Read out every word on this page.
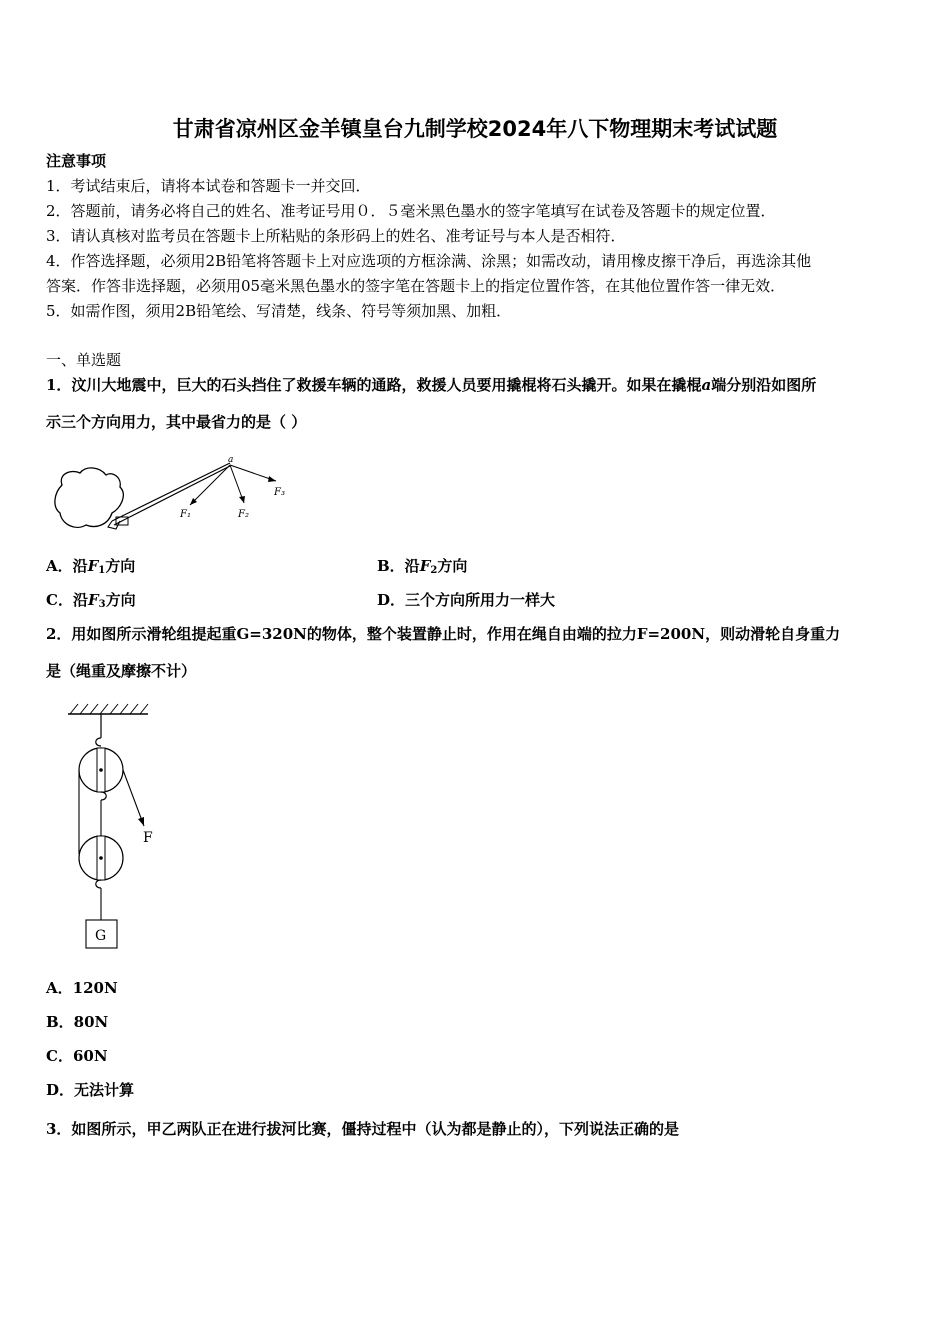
甘肃省凉州区金羊镇皇台九制学校2024年八下物理期末考试试题
注意事项
1．考试结束后，请将本试卷和答题卡一并交回．
2．答题前，请务必将自己的姓名、准考证号用０．５毫米黑色墨水的签字笔填写在试卷及答题卡的规定位置．
3．请认真核对监考员在答题卡上所粘贴的条形码上的姓名、准考证号与本人是否相符．
4．作答选择题，必须用2B铅笔将答题卡上对应选项的方框涂满、涂黑；如需改动，请用橡皮擦干净后，再选涂其他
答案．作答非选择题，必须用05毫米黑色墨水的签字笔在答题卡上的指定位置作答，在其他位置作答一律无效．
5．如需作图，须用2B铅笔绘、写清楚，线条、符号等须加黑、加粗．
一、单选题
1．汶川大地震中，巨大的石头挡住了救援车辆的通路，救援人员要用撬棍将石头撬开。如果在撬棍a端分别沿如图所
示三个方向用力，其中最省力的是（ ）
a
F₁	F₂
F₃
A．沿$F_1$方向	B．沿$F_2$方向
C．沿$F_3$方向	D．三个方向所用力一样大
2．用如图所示滑轮组提起重G=320N的物体，整个装置静止时，作用在绳自由端的拉力F=200N，则动滑轮自身重力
是（绳重及摩擦不计）
F
G
A．120N
B．80N
C．60N
D．无法计算
3．如图所示，甲乙两队正在进行拔河比赛，僵持过程中（认为都是静止的），下列说法正确的是
